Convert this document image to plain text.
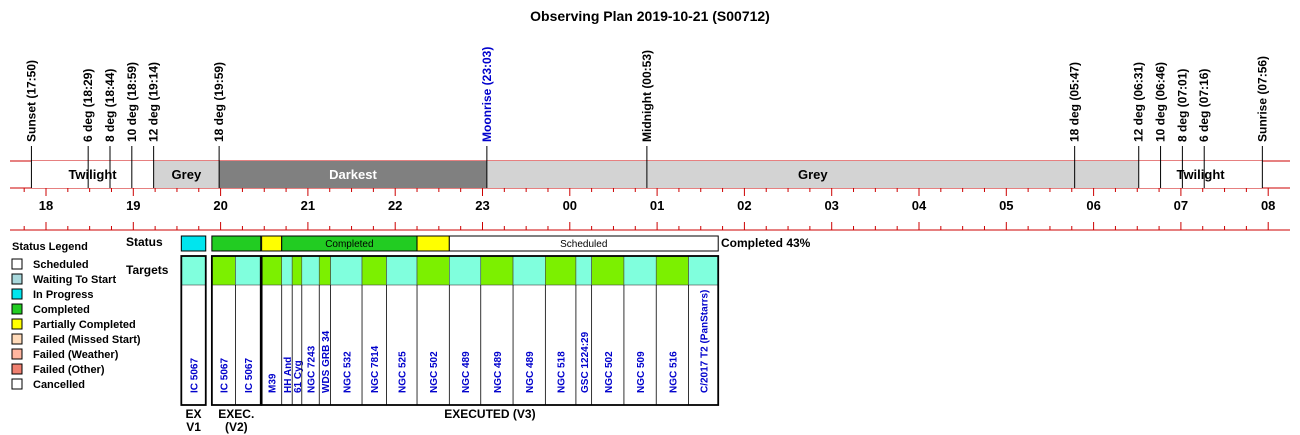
Observing Plan 2019-10-21 (S00712)
Twilight	Grey	Darkest	Grey	Twilight
Sunset (17:50)	6 deg (18:29) 8 deg (18:44) 10 deg (18:59) 12 deg (19:14)	18 deg (19:59)	Moonrise (23:03)	Midnight (00:53)	18 deg (05:47)	12 deg (06:31) 10 deg (06:46) 8 deg (07:01) 6 deg (07:16)	Sunrise (07:56)
18	19	20	21	22	23	00	01	02	03	04	05	06	07	08
Status Legend
Scheduled
Waiting To Start
In Progress
Completed
Partially Completed
Failed (Missed Start)
Failed (Weather)
Failed (Other)
Cancelled
Status
Targets
Completed	Scheduled	Completed 43%
IC 5067 IC 5067 IC 5067 M39 HH And 61 Cyg NGC 7243 WDS GRB 34 NGC 532 NGC 7814 NGC 525 NGC 502 NGC 489 NGC 489 NGC 489 NGC 518 GSC 1224:29 NGC 502 NGC 509 NGC 516 C/2017 T2 (PanStarrs)
EX V1
EXEC. (V2)
EXECUTED (V3)
